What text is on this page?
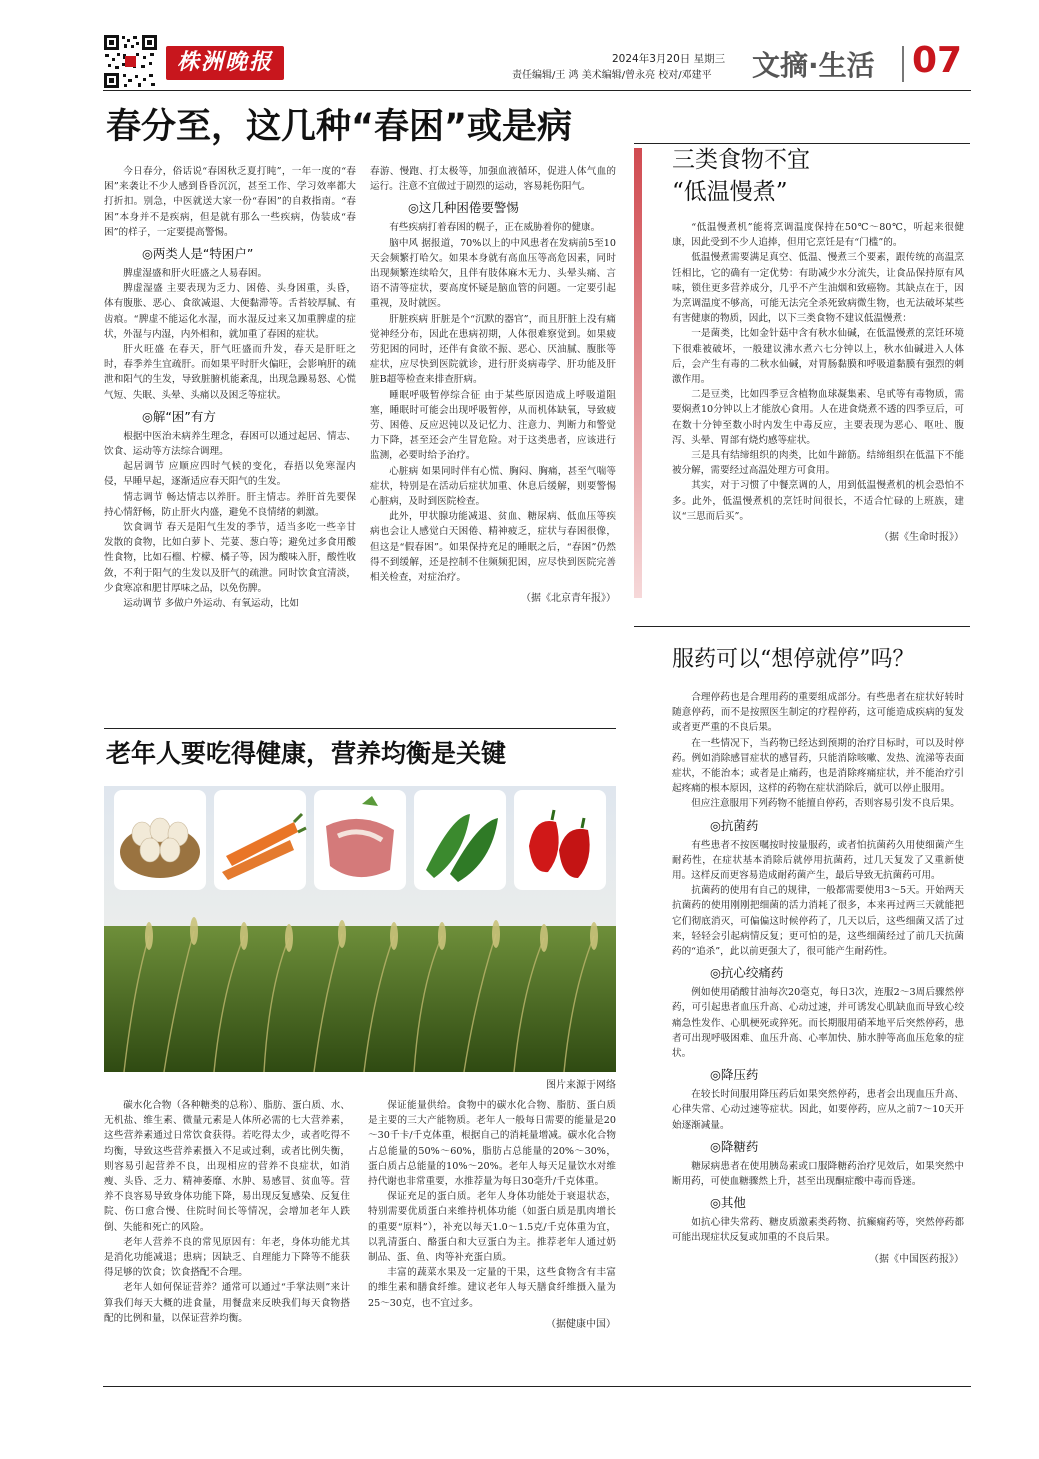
株洲晚报	2024年3月20日 星期三
责任编辑/王 鸿 美术编辑/曾永亮 校对/邓建平	文摘·生活	07
春分至，这几种“春困”或是病

今日春分，俗话说“春困秋乏夏打盹”，一年一度的“春困”来袭让不少人感到昏昏沉沉，甚至工作、学习效率都大打折扣。别急，中医就送大家一份“春困”的自救指南。“春困”本身并不是疾病，但是就有那么一些疾病，伪装成“春困”的样子，一定要提高警惕。

◎两类人是“特困户”

脾虚湿盛和肝火旺盛之人易春困。

脾虚湿盛 主要表现为乏力、困倦、头身困重，头昏，体有腹胀、恶心、食欲减退、大便黏滞等。舌苔较厚腻、有齿痕。“脾虚不能运化水湿，而水湿反过来又加重脾虚的症状，外湿与内湿，内外相和，就加重了春困的症状。

肝火旺盛 在春天，肝气旺盛而升发，春天是肝旺之时，春季养生宜疏肝。而如果平时肝火偏旺，会影响肝的疏泄和阳气的生发，导致脏腑机能紊乱，出现急躁易怒、心慌气短、失眠、头晕、头痛以及困乏等症状。

◎解“困”有方

根据中医治未病养生理念，春困可以通过起居、情志、饮食、运动等方法综合调理。

起居调节 应顺应四时气候的变化，春捂以免寒湿内侵，早睡早起，逐渐适应春天阳气的生发。

情志调节 畅达情志以养肝。肝主情志。养肝首先要保持心情舒畅，防止肝火内盛，避免不良情绪的刺激。

饮食调节 春天是阳气生发的季节，适当多吃一些辛甘发散的食物，比如白萝卜、芫荽、葱白等；避免过多食用酸性食物，比如石榴、柠檬、橘子等，因为酸味入肝，酸性收敛，不利于阳气的生发以及肝气的疏泄。同时饮食宜清淡，少食寒凉和肥甘厚味之品，以免伤脾。

运动调节 多做户外运动、有氧运动，比如

春游、慢跑、打太极等，加强血液循环，促进人体气血的运行。注意不宜做过于剧烈的运动，容易耗伤阳气。

◎这几种困倦要警惕

有些疾病打着春困的幌子，正在威胁着你的健康。

脑中风 据报道，70%以上的中风患者在发病前5至10天会频繁打哈欠。如果本身就有高血压等高危因素，同时出现频繁连续哈欠，且伴有肢体麻木无力、头晕头痛、言语不清等症状，要高度怀疑是脑血管的问题。一定要引起重视，及时就医。

肝脏疾病 肝脏是个“沉默的器官”，而且肝脏上没有痛觉神经分布，因此在患病初期，人体很难察觉到。如果疲劳犯困的同时，还伴有食欲不振、恶心、厌油腻、腹胀等症状，应尽快到医院就诊，进行肝炎病毒学、肝功能及肝脏B超等检查来排查肝病。

睡眠呼吸暂停综合征 由于某些原因造成上呼吸道阻塞，睡眠时可能会出现呼吸暂停，从而机体缺氧，导致疲劳、困倦、反应迟钝以及记忆力、注意力、判断力和警觉力下降，甚至还会产生冒危险。对于这类患者，应该进行监测，必要时给予治疗。

心脏病 如果同时伴有心慌、胸闷、胸痛，甚至气喘等症状，特别是在活动后症状加重、休息后缓解，则要警惕心脏病，及时到医院检查。

此外，甲状腺功能减退、贫血、糖尿病、低血压等疾病也会让人感觉白天困倦、精神疲乏，症状与春困很像，但这是“假春困”。如果保持充足的睡眠之后，“春困”仍然得不到缓解，还是控制不住频频犯困，应尽快到医院完善相关检查，对症治疗。

（据《北京青年报》）
老年人要吃得健康，营养均衡是关键
图片来源于网络

碳水化合物（各种糖类的总称）、脂肪、蛋白质、水、无机盐、维生素、微量元素是人体所必需的七大营养素，这些营养素通过日常饮食获得。若吃得太少，或者吃得不均衡，导致这些营养素摄入不足或过剩，或者比例失衡，则容易引起营养不良，出现相应的营养不良症状，如消瘦、头昏、乏力、精神萎靡、水肿、易感冒、贫血等。营养不良容易导致身体功能下降，易出现反复感染、反复住院、伤口愈合慢、住院时间长等情况，会增加老年人跌倒、失能和死亡的风险。

老年人营养不良的常见原因有：年老，身体功能尤其是消化功能减退；患病；因缺乏、自理能力下降等不能获得足够的饮食；饮食搭配不合理。

老年人如何保证营养？通常可以通过“手掌法则”来计算我们每天大概的进食量，用餐盘来反映我们每天食物搭配的比例和量，以保证营养均衡。

保证能量供给。食物中的碳水化合物、脂肪、蛋白质是主要的三大产能物质。老年人一般每日需要的能量是20～30千卡/千克体重，根据自己的消耗量增减。碳水化合物占总能量的50%～60%，脂肪占总能量的20%～30%，蛋白质占总能量的10%～20%。老年人每天足量饮水对维持代谢也非常重要，水推荐量为每日30毫升/千克体重。

保证充足的蛋白质。老年人身体功能处于衰退状态，特别需要优质蛋白来维持机体功能（如蛋白质是肌肉增长的重要“原料”），补充以每天1.0～1.5克/千克体重为宜，以乳清蛋白、酪蛋白和大豆蛋白为主。推荐老年人通过奶制品、蛋、鱼、肉等补充蛋白质。

丰富的蔬菜水果及一定量的干果，这些食物含有丰富的维生素和膳食纤维。建议老年人每天膳食纤维摄入量为25～30克，也不宜过多。

（据健康中国）
三类食物不宜
“低温慢煮”

“低温慢煮机”能将烹调温度保持在50℃～80℃，听起来很健康，因此受到不少人追捧，但用它烹饪是有“门槛”的。

低温慢煮需要满足真空、低温、慢煮三个要素，跟传统的高温烹饪相比，它的确有一定优势：有助减少水分流失，让食品保持原有风味，锁住更多营养成分，几乎不产生油烟和致癌物。其缺点在于，因为烹调温度不够高，可能无法完全杀死致病微生物，也无法破坏某些有害健康的物质，因此，以下三类食物不建议低温慢煮：

一是菌类，比如金针菇中含有秋水仙碱，在低温慢煮的烹饪环境下很难被破坏，一般建议沸水煮六七分钟以上，秋水仙碱进入人体后，会产生有毒的二秋水仙碱，对胃肠黏膜和呼吸道黏膜有强烈的刺激作用。

二是豆类，比如四季豆含植物血球凝集素、皂甙等有毒物质，需要焖煮10分钟以上才能放心食用。人在进食烧煮不透的四季豆后，可在数十分钟至数小时内发生中毒反应，主要表现为恶心、呕吐、腹泻、头晕、胃部有烧灼感等症状。

三是具有结缔组织的肉类，比如牛蹄筋。结缔组织在低温下不能被分解，需要经过高温处理方可食用。

其实，对于习惯了中餐烹调的人，用到低温慢煮机的机会恐怕不多。此外，低温慢煮机的烹饪时间很长，不适合忙碌的上班族，建议“三思而后买”。

（据《生命时报》）
服药可以“想停就停”吗？

合理停药也是合理用药的重要组成部分。有些患者在症状好转时随意停药，而不是按照医生制定的疗程停药，这可能造成疾病的复发或者更严重的不良后果。

在一些情况下，当药物已经达到预期的治疗目标时，可以及时停药。例如消除感冒症状的感冒药，只能消除咳嗽、发热、流涕等表面症状，不能治本；或者是止痛药，也是消除疼痛症状，并不能治疗引起疼痛的根本原因，这样的药物在症状消除后，就可以停止服用。

但应注意服用下列药物不能擅自停药，否则容易引发不良后果。

◎抗菌药

有些患者不按医嘱按时按量服药，或者怕抗菌药久用使细菌产生耐药性，在症状基本消除后就停用抗菌药，过几天复发了又重新使用。这样反而更容易造成耐药菌产生，最后导致无抗菌药可用。

抗菌药的使用有自己的规律，一般都需要使用3～5天。开始两天抗菌药的使用刚刚把细菌的活力消耗了很多，本来再过两三天就能把它们彻底消灭，可偏偏这时候停药了，几天以后，这些细菌又活了过来，轻轻会引起病情反复；更可怕的是，这些细菌经过了前几天抗菌药的“追杀”，此以前更强大了，很可能产生耐药性。

◎抗心绞痛药

例如使用硝酸甘油每次20毫克，每日3次，连服2～3周后骤然停药，可引起患者血压升高、心动过速，并可诱发心肌缺血而导致心绞痛急性发作、心肌梗死或猝死。而长期服用硝苯地平后突然停药，患者可出现呼吸困难、血压升高、心率加快、肺水肿等高血压危象的症状。

◎降压药

在较长时间服用降压药后如果突然停药，患者会出现血压升高、心律失常、心动过速等症状。因此，如要停药，应从之前7～10天开始逐渐减量。

◎降糖药

糖尿病患者在使用胰岛素或口服降糖药治疗见效后，如果突然中断用药，可使血糖骤然上升，甚至出现酮症酸中毒而昏迷。

◎其他

如抗心律失常药、糖皮质激素类药物、抗癫痫药等，突然停药都可能出现症状反复或加重的不良后果。

（据《中国医药报》）
